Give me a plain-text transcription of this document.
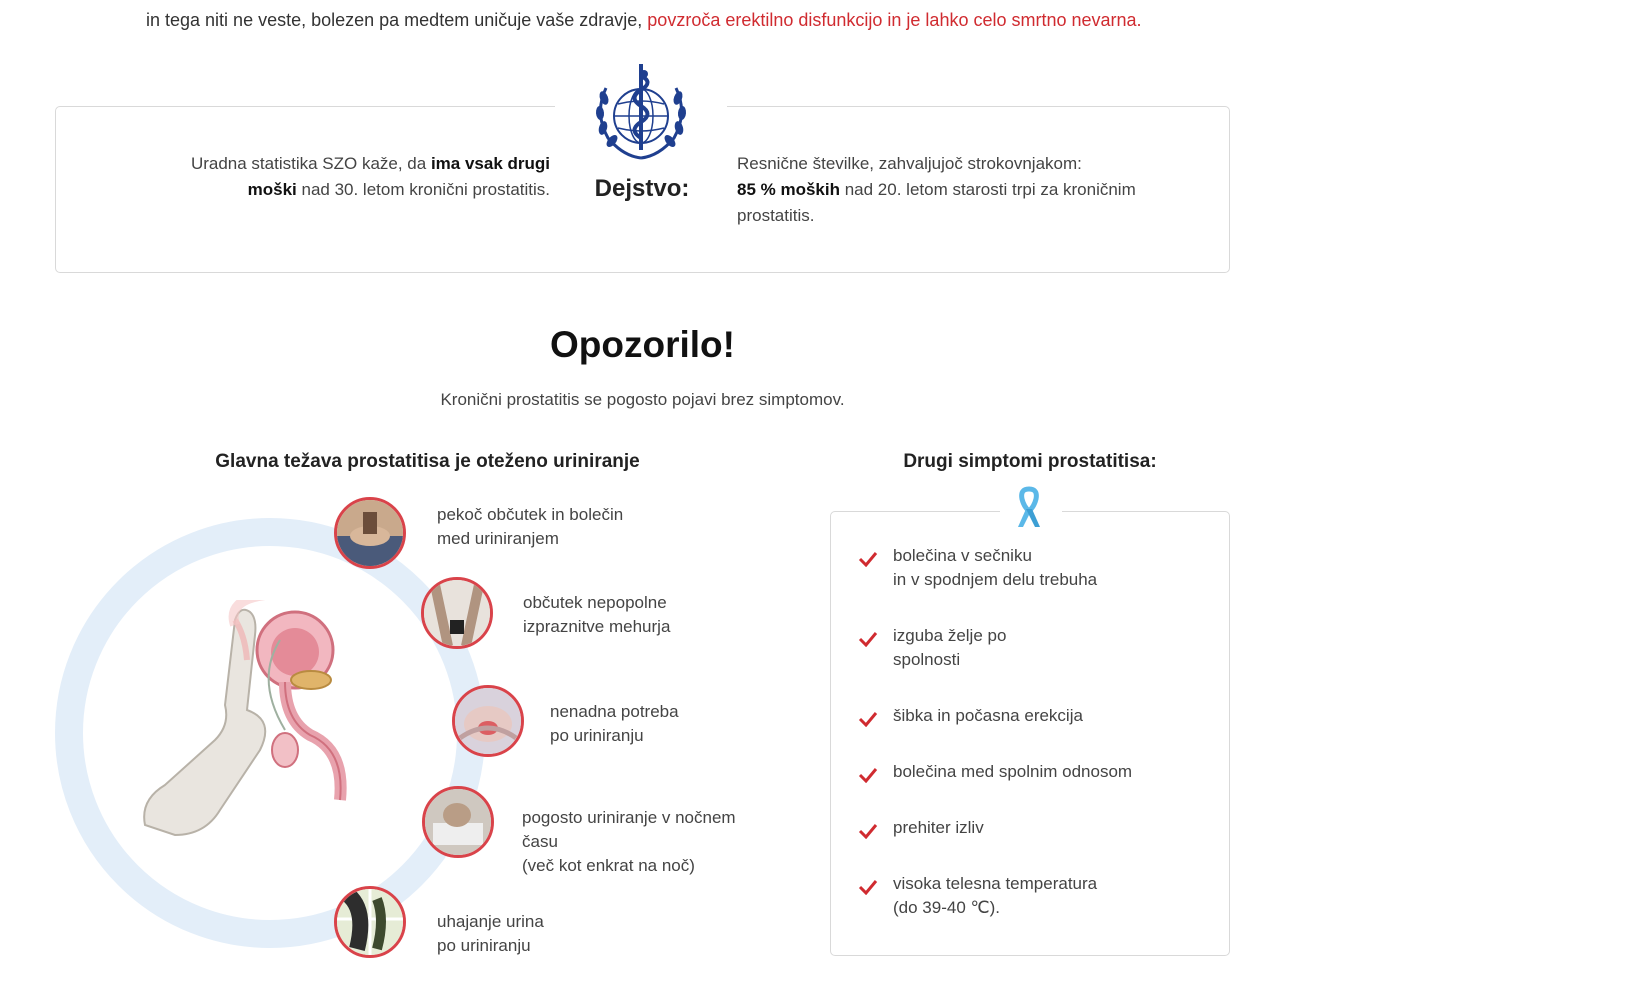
in tega niti ne veste, bolezen pa medtem uničuje vaše zdravje, povzroča erektilno disfunkcijo in je lahko celo smrtno nevarna.
Uradna statistika SZO kaže, da ima vsak drugi moški nad 30. letom kronični prostatitis.	Dejstvo:
Resnične številke, zahvaljujoč strokovnjakom:
85 % moških nad 20. letom starosti trpi za kroničnim prostatitis.
Opozorilo!
Kronični prostatitis se pogosto pojavi brez simptomov.
Glavna težava prostatitisa je oteženo uriniranje
pekoč občutek in bolečin
med uriniranjem
občutek nepopolne
izpraznitve mehurja
nenadna potreba
po uriniranju
pogosto uriniranje v nočnem
času
(več kot enkrat na noč)
uhajanje urina
po uriniranju
Drugi simptomi prostatitisa:
bolečina v sečniku
in v spodnjem delu trebuha
izguba želje po
spolnosti
šibka in počasna erekcija
bolečina med spolnim odnosom
prehiter izliv
visoka telesna temperatura
(do 39-40 ℃).
